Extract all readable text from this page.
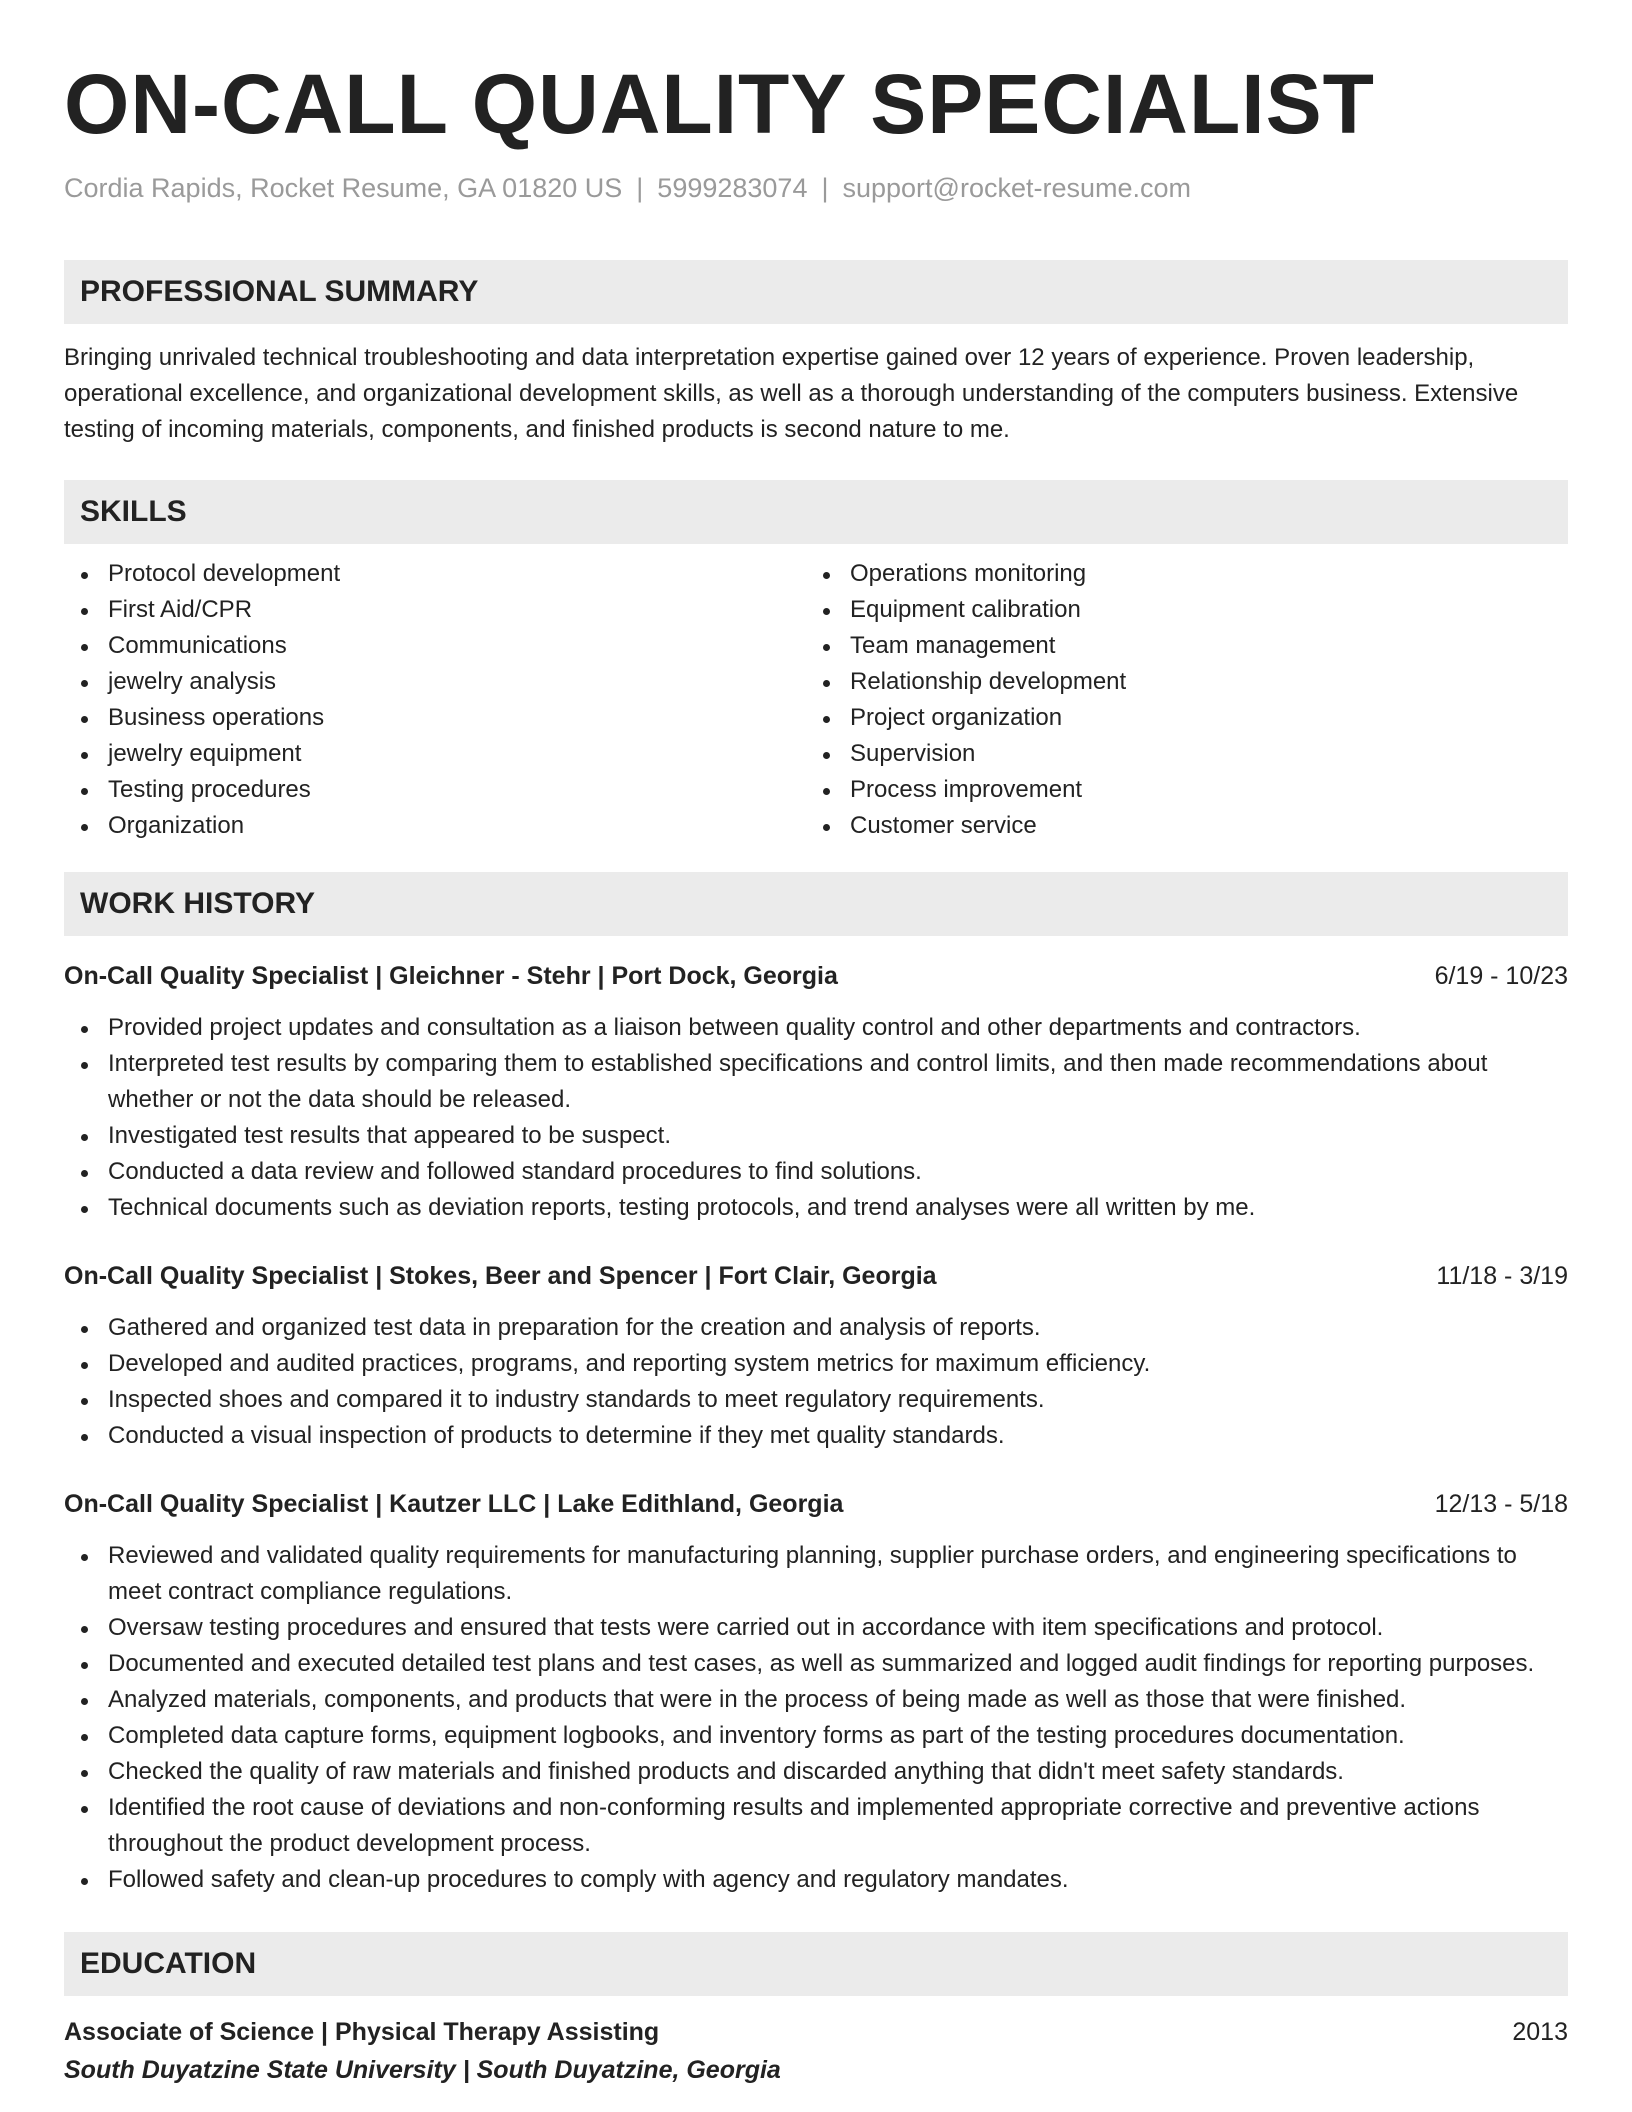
ON-CALL QUALITY SPECIALIST
Cordia Rapids, Rocket Resume, GA 01820 US | 5999283074 | support@rocket-resume.com
PROFESSIONAL SUMMARY

Bringing unrivaled technical troubleshooting and data interpretation expertise gained over 12 years of experience. Proven leadership, operational excellence, and organizational development skills, as well as a thorough understanding of the computers business. Extensive testing of incoming materials, components, and finished products is second nature to me.

SKILLS
Protocol development
First Aid/CPR
Communications
jewelry analysis
Business operations
jewelry equipment
Testing procedures
Organization
Operations monitoring
Equipment calibration
Team management
Relationship development
Project organization
Supervision
Process improvement
Customer service
WORK HISTORY
On-Call Quality Specialist | Gleichner - Stehr | Port Dock, Georgia	6/19 - 10/23
Provided project updates and consultation as a liaison between quality control and other departments and contractors.
Interpreted test results by comparing them to established specifications and control limits, and then made recommendations about whether or not the data should be released.
Investigated test results that appeared to be suspect.
Conducted a data review and followed standard procedures to find solutions.
Technical documents such as deviation reports, testing protocols, and trend analyses were all written by me.
On-Call Quality Specialist | Stokes, Beer and Spencer | Fort Clair, Georgia	11/18 - 3/19
Gathered and organized test data in preparation for the creation and analysis of reports.
Developed and audited practices, programs, and reporting system metrics for maximum efficiency.
Inspected shoes and compared it to industry standards to meet regulatory requirements.
Conducted a visual inspection of products to determine if they met quality standards.
On-Call Quality Specialist | Kautzer LLC | Lake Edithland, Georgia	12/13 - 5/18
Reviewed and validated quality requirements for manufacturing planning, supplier purchase orders, and engineering specifications to meet contract compliance regulations.
Oversaw testing procedures and ensured that tests were carried out in accordance with item specifications and protocol.
Documented and executed detailed test plans and test cases, as well as summarized and logged audit findings for reporting purposes.
Analyzed materials, components, and products that were in the process of being made as well as those that were finished.
Completed data capture forms, equipment logbooks, and inventory forms as part of the testing procedures documentation.
Checked the quality of raw materials and finished products and discarded anything that didn't meet safety standards.
Identified the root cause of deviations and non-conforming results and implemented appropriate corrective and preventive actions throughout the product development process.
Followed safety and clean-up procedures to comply with agency and regulatory mandates.
EDUCATION
Associate of Science | Physical Therapy Assisting	2013
South Duyatzine State University | South Duyatzine, Georgia
